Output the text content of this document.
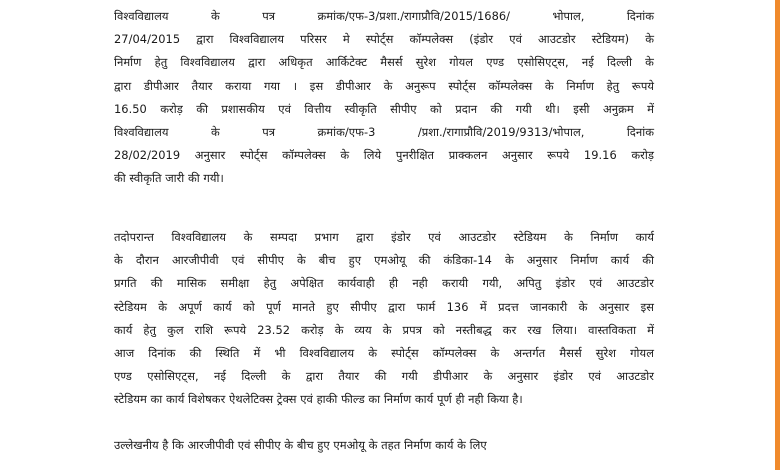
विश्वविद्यालय के पत्र क्रमांक/एफ-3/प्रशा./रागाप्रौवि/2015/1686/ भोपाल, दिनांक
27/04/2015 द्वारा विश्वविद्यालय परिसर मे स्पोर्ट्स कॉम्पलेक्स (इंडोर एवं आउटडोर स्टेडियम) के
निर्माण हेतु विश्वविद्यालय द्वारा अधिकृत आर्किटेक्ट मैसर्स सुरेश गोयल एण्ड एसोसिएट्स, नई दिल्ली के
द्वारा डीपीआर तैयार कराया गया । इस डीपीआर के अनुरूप स्पोर्ट्स कॉम्पलेक्स के निर्माण हेतु रूपये
16.50 करोड़ की प्रशासकीय एवं वित्तीय स्वीकृति सीपीए को प्रदान की गयी थी। इसी अनुक्रम में
विश्वविद्यालय के पत्र क्रमांक/एफ-3 /प्रशा./रागाप्रौवि/2019/9313/भोपाल, दिनांक
28/02/2019 अनुसार स्पोर्ट्स कॉम्पलेक्स के लिये पुनरीक्षित प्राक्कलन अनुसार रूपये 19.16 करोड़
की स्वीकृति जारी की गयी।
तदोपरान्त विश्वविद्यालय के सम्पदा प्रभाग द्वारा इंडोर एवं आउटडोर स्टेडियम के निर्माण कार्य
के दौरान आरजीपीवी एवं सीपीए के बीच हुए एमओयू की कंडिका-14 के अनुसार निर्माण कार्य की
प्रगति की मासिक समीक्षा हेतु अपेक्षित कार्यवाही ही नही करायी गयी, अपितु इंडोर एवं आउटडोर
स्टेडियम के अपूर्ण कार्य को पूर्ण मानते हुए सीपीए द्वारा फार्म 136 में प्रदत्त जानकारी के अनुसार इस
कार्य हेतु कुल राशि रूपये 23.52 करोड़ के व्यय के प्रपत्र को नस्तीबद्ध कर रख लिया। वास्तविकता में
आज दिनांक की स्थिति में भी विश्वविद्यालय के स्पोर्ट्स कॉम्पलेक्स के अन्तर्गत मैसर्स सुरेश गोयल
एण्ड एसोसिएट्स, नई दिल्ली के द्वारा तैयार की गयी डीपीआर के अनुसार इंडोर एवं आउटडोर
स्टेडियम का कार्य विशेषकर ऐथलेटिक्स ट्रेक्स एवं हाकी फील्ड का निर्माण कार्य पूर्ण ही नही किया है।
उल्लेखनीय है कि आरजीपीवी एवं सीपीए के बीच हुए एमओयू के तहत निर्माण कार्य के लिए
